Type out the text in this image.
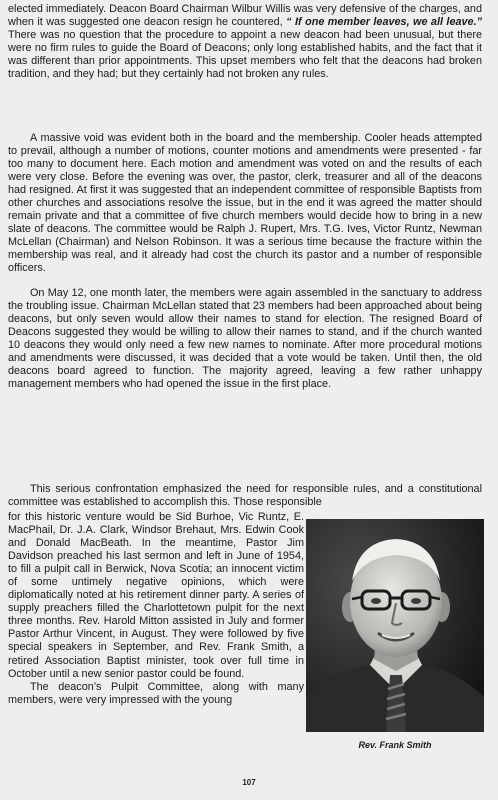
elected immediately. Deacon Board Chairman Wilbur Willis was very defensive of the charges, and when it was suggested one deacon resign he countered, “ If one member leaves, we all leave.” There was no question that the procedure to appoint a new deacon had been unusual, but there were no firm rules to guide the Board of Deacons; only long established habits, and the fact that it was different than prior appointments. This upset members who felt that the deacons had broken tradition, and they had; but they certainly had not broken any rules.

A massive void was evident both in the board and the membership. Cooler heads attempted to prevail, although a number of motions, counter motions and amendments were presented - far too many to document here. Each motion and amendment was voted on and the results of each were very close. Before the evening was over, the pastor, clerk, treasurer and all of the deacons had resigned. At first it was suggested that an independent committee of responsible Baptists from other churches and associations resolve the issue, but in the end it was agreed the matter should remain private and that a committee of five church members would decide how to bring in a new slate of deacons. The committee would be Ralph J. Rupert, Mrs. T.G. Ives, Victor Runtz, Newman McLellan (Chairman) and Nelson Robinson. It was a serious time because the fracture within the membership was real, and it already had cost the church its pastor and a number of responsible officers.

On May 12, one month later, the members were again assembled in the sanctuary to address the troubling issue. Chairman McLellan stated that 23 members had been approached about being deacons, but only seven would allow their names to stand for election. The resigned Board of Deacons suggested they would be willing to allow their names to stand, and if the church wanted 10 deacons they would only need a few new names to nominate. After more procedural motions and amendments were discussed, it was decided that a vote would be taken. Until then, the old deacons board agreed to function. The majority agreed, leaving a few rather unhappy management members who had opened the issue in the first place.

This serious confrontation emphasized the need for responsible rules, and a constitutional committee was established to accomplish this. Those responsible

for this historic venture would be Sid Burhoe, Vic Runtz, E. MacPhail, Dr. J.A. Clark, Windsor Brehaut, Mrs. Edwin Cook and Donald MacBeath. In the meantime, Pastor Jim Davidson preached his last sermon and left in June of 1954, to fill a pulpit call in Berwick, Nova Scotia; an innocent victim of some untimely negative opinions, which were diplomatically noted at his retirement dinner party. A series of supply preachers filled the Charlottetown pulpit for the next three months. Rev. Harold Mitton assisted in July and former Pastor Arthur Vincent, in August. They were followed by five special speakers in September, and Rev. Frank Smith, a retired Association Baptist minister, took over full time in October until a new senior pastor could be found.

The deacon’s Pulpit Committee, along with many members, were very impressed with the young

Rev. Frank Smith
107
